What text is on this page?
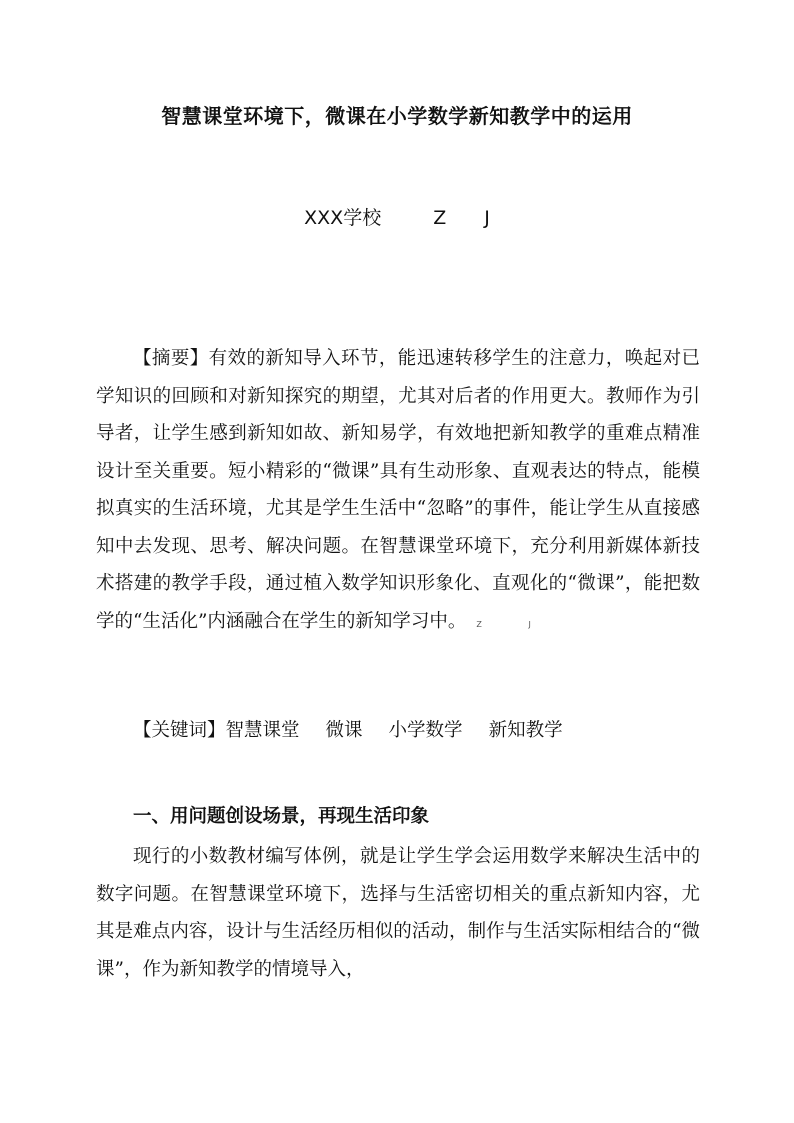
智慧课堂环境下，微课在小学数学新知教学中的运用
XXX学校	Z J

【摘要】有效的新知导入环节，能迅速转移学生的注意力，唤起对已学知识的回顾和对新知探究的期望，尤其对后者的作用更大。教师作为引导者，让学生感到新知如故、新知易学，有效地把新知教学的重难点精准设计至关重要。短小精彩的“微课”具有生动形象、直观表达的特点，能模拟真实的生活环境，尤其是学生生活中“忽略”的事件，能让学生从直接感知中去发现、思考、解决问题。在智慧课堂环境下，充分利用新媒体新技术搭建的教学手段，通过植入数学知识形象化、直观化的“微课”，能把数学的“生活化”内涵融合在学生的新知学习中。 Z J

【关键词】智慧课堂 微课 小学数学 新知教学
一、用问题创设场景，再现生活印象

现行的小数教材编写体例，就是让学生学会运用数学来解决生活中的数字问题。在智慧课堂环境下，选择与生活密切相关的重点新知内容，尤其是难点内容，设计与生活经历相似的活动，制作与生活实际相结合的“微课”，作为新知教学的情境导入，
